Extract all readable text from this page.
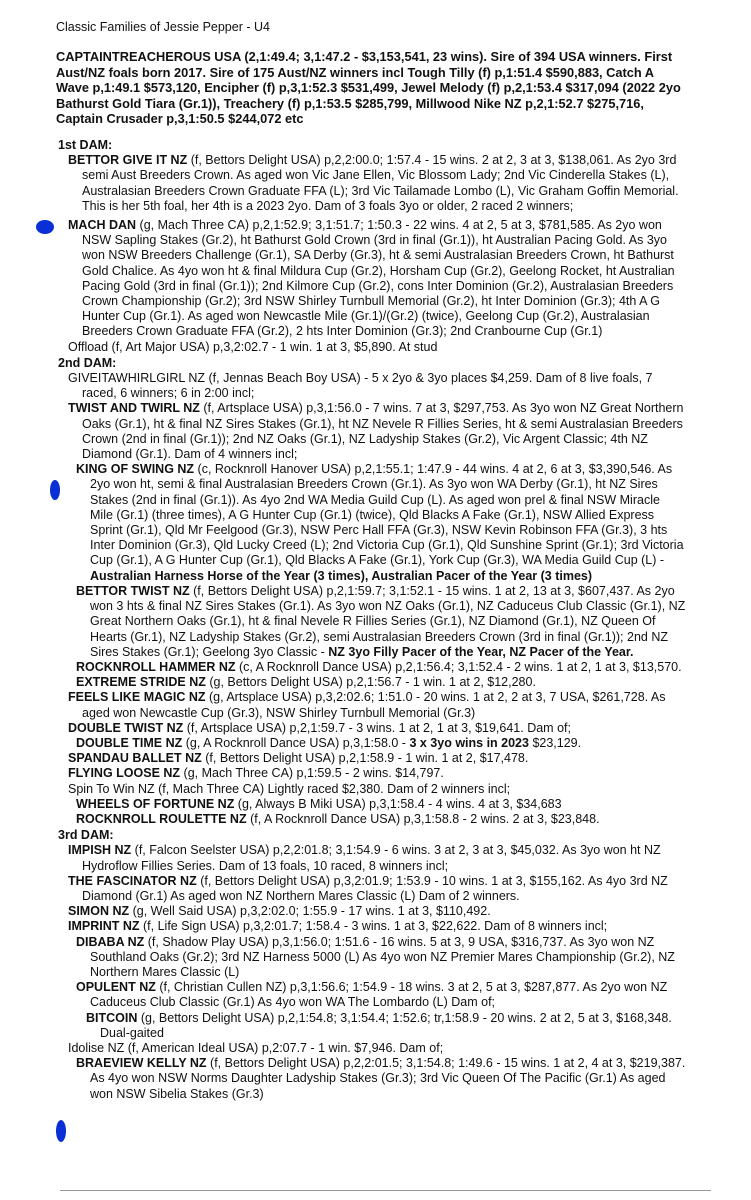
Classic Families of Jessie Pepper - U4
CAPTAINTREACHEROUS USA (2,1:49.4; 3,1:47.2 - $3,153,541, 23 wins). Sire of 394 USA winners. First Aust/NZ foals born 2017. Sire of 175 Aust/NZ winners incl Tough Tilly (f) p,1:51.4 $590,883, Catch A Wave p,1:49.1 $573,120, Encipher (f) p,3,1:52.3 $531,499, Jewel Melody (f) p,2,1:53.4 $317,094 (2022 2yo Bathurst Gold Tiara (Gr.1)), Treachery (f) p,1:53.5 $285,799, Millwood Nike NZ p,2,1:52.7 $275,716, Captain Crusader p,3,1:50.5 $244,072 etc
1st DAM:
BETTOR GIVE IT NZ (f, Bettors Delight USA) p,2,2:00.0; 1:57.4 - 15 wins. 2 at 2, 3 at 3, $138,061. As 2yo 3rd semi Aust Breeders Crown. As aged won Vic Jane Ellen, Vic Blossom Lady; 2nd Vic Cinderella Stakes (L), Australasian Breeders Crown Graduate FFA (L); 3rd Vic Tailamade Lombo (L), Vic Graham Goffin Memorial. This is her 5th foal, her 4th is a 2023 2yo. Dam of 3 foals 3yo or older, 2 raced 2 winners;
MACH DAN (g, Mach Three CA) p,2,1:52.9; 3,1:51.7; 1:50.3 - 22 wins. 4 at 2, 5 at 3, $781,585. As 2yo won NSW Sapling Stakes (Gr.2), ht Bathurst Gold Crown (3rd in final (Gr.1)), ht Australian Pacing Gold. As 3yo won NSW Breeders Challenge (Gr.1), SA Derby (Gr.3), ht & semi Australasian Breeders Crown, ht Bathurst Gold Chalice. As 4yo won ht & final Mildura Cup (Gr.2), Horsham Cup (Gr.2), Geelong Rocket, ht Australian Pacing Gold (3rd in final (Gr.1)); 2nd Kilmore Cup (Gr.2), cons Inter Dominion (Gr.2), Australasian Breeders Crown Championship (Gr.2); 3rd NSW Shirley Turnbull Memorial (Gr.2), ht Inter Dominion (Gr.3); 4th A G Hunter Cup (Gr.1). As aged won Newcastle Mile (Gr.1)/(Gr.2) (twice), Geelong Cup (Gr.2), Australasian Breeders Crown Graduate FFA (Gr.2), 2 hts Inter Dominion (Gr.3); 2nd Cranbourne Cup (Gr.1)
Offload (f, Art Major USA) p,3,2:02.7 - 1 win. 1 at 3, $5,890. At stud
2nd DAM:
GIVEITAWHIRLGIRL NZ (f, Jennas Beach Boy USA) - 5 x 2yo & 3yo places $4,259. Dam of 8 live foals, 7 raced, 6 winners; 6 in 2:00 incl;
TWIST AND TWIRL NZ (f, Artsplace USA) p,3,1:56.0 - 7 wins. 7 at 3, $297,753. As 3yo won NZ Great Northern Oaks (Gr.1), ht & final NZ Sires Stakes (Gr.1), ht NZ Nevele R Fillies Series, ht & semi Australasian Breeders Crown (2nd in final (Gr.1)); 2nd NZ Oaks (Gr.1), NZ Ladyship Stakes (Gr.2), Vic Argent Classic; 4th NZ Diamond (Gr.1). Dam of 4 winners incl;
KING OF SWING NZ (c, Rocknroll Hanover USA) p,2,1:55.1; 1:47.9 - 44 wins. 4 at 2, 6 at 3, $3,390,546. As 2yo won ht, semi & final Australasian Breeders Crown (Gr.1). As 3yo won WA Derby (Gr.1), ht NZ Sires Stakes (2nd in final (Gr.1)). As 4yo 2nd WA Media Guild Cup (L). As aged won prel & final NSW Miracle Mile (Gr.1) (three times), A G Hunter Cup (Gr.1) (twice), Qld Blacks A Fake (Gr.1), NSW Allied Express Sprint (Gr.1), Qld Mr Feelgood (Gr.3), NSW Perc Hall FFA (Gr.3), NSW Kevin Robinson FFA (Gr.3), 3 hts Inter Dominion (Gr.3), Qld Lucky Creed (L); 2nd Victoria Cup (Gr.1), Qld Sunshine Sprint (Gr.1); 3rd Victoria Cup (Gr.1), A G Hunter Cup (Gr.1), Qld Blacks A Fake (Gr.1), York Cup (Gr.3), WA Media Guild Cup (L) - Australian Harness Horse of the Year (3 times), Australian Pacer of the Year (3 times)
BETTOR TWIST NZ (f, Bettors Delight USA) p,2,1:59.7; 3,1:52.1 - 15 wins. 1 at 2, 13 at 3, $607,437. As 2yo won 3 hts & final NZ Sires Stakes (Gr.1). As 3yo won NZ Oaks (Gr.1), NZ Caduceus Club Classic (Gr.1), NZ Great Northern Oaks (Gr.1), ht & final Nevele R Fillies Series (Gr.1), NZ Diamond (Gr.1), NZ Queen Of Hearts (Gr.1), NZ Ladyship Stakes (Gr.2), semi Australasian Breeders Crown (3rd in final (Gr.1)); 2nd NZ Sires Stakes (Gr.1); Geelong 3yo Classic - NZ 3yo Filly Pacer of the Year, NZ Pacer of the Year.
ROCKNROLL HAMMER NZ (c, A Rocknroll Dance USA) p,2,1:56.4; 3,1:52.4 - 2 wins. 1 at 2, 1 at 3, $13,570.
EXTREME STRIDE NZ (g, Bettors Delight USA) p,2,1:56.7 - 1 win. 1 at 2, $12,280.
FEELS LIKE MAGIC NZ (g, Artsplace USA) p,3,2:02.6; 1:51.0 - 20 wins. 1 at 2, 2 at 3, 7 USA, $261,728. As aged won Newcastle Cup (Gr.3), NSW Shirley Turnbull Memorial (Gr.3)
DOUBLE TWIST NZ (f, Artsplace USA) p,2,1:59.7 - 3 wins. 1 at 2, 1 at 3, $19,641. Dam of;
DOUBLE TIME NZ (g, A Rocknroll Dance USA) p,3,1:58.0 - 3 x 3yo wins in 2023 $23,129.
SPANDAU BALLET NZ (f, Bettors Delight USA) p,2,1:58.9 - 1 win. 1 at 2, $17,478.
FLYING LOOSE NZ (g, Mach Three CA) p,1:59.5 - 2 wins. $14,797.
Spin To Win NZ (f, Mach Three CA) Lightly raced $2,380. Dam of 2 winners incl;
WHEELS OF FORTUNE NZ (g, Always B Miki USA) p,3,1:58.4 - 4 wins. 4 at 3, $34,683
ROCKNROLL ROULETTE NZ (f, A Rocknroll Dance USA) p,3,1:58.8 - 2 wins. 2 at 3, $23,848.
3rd DAM:
IMPISH NZ (f, Falcon Seelster USA) p,2,2:01.8; 3,1:54.9 - 6 wins. 3 at 2, 3 at 3, $45,032. As 3yo won ht NZ Hydroflow Fillies Series. Dam of 13 foals, 10 raced, 8 winners incl;
THE FASCINATOR NZ (f, Bettors Delight USA) p,3,2:01.9; 1:53.9 - 10 wins. 1 at 3, $155,162. As 4yo 3rd NZ Diamond (Gr.1) As aged won NZ Northern Mares Classic (L) Dam of 2 winners.
SIMON NZ (g, Well Said USA) p,3,2:02.0; 1:55.9 - 17 wins. 1 at 3, $110,492.
IMPRINT NZ (f, Life Sign USA) p,3,2:01.7; 1:58.4 - 3 wins. 1 at 3, $22,622. Dam of 8 winners incl;
DIBABA NZ (f, Shadow Play USA) p,3,1:56.0; 1:51.6 - 16 wins. 5 at 3, 9 USA, $316,737. As 3yo won NZ Southland Oaks (Gr.2); 3rd NZ Harness 5000 (L) As 4yo won NZ Premier Mares Championship (Gr.2), NZ Northern Mares Classic (L)
OPULENT NZ (f, Christian Cullen NZ) p,3,1:56.6; 1:54.9 - 18 wins. 3 at 2, 5 at 3, $287,877. As 2yo won NZ Caduceus Club Classic (Gr.1) As 4yo won WA The Lombardo (L) Dam of;
BITCOIN (g, Bettors Delight USA) p,2,1:54.8; 3,1:54.4; 1:52.6; tr,1:58.9 - 20 wins. 2 at 2, 5 at 3, $168,348. Dual-gaited
Idolise NZ (f, American Ideal USA) p,2:07.7 - 1 win. $7,946. Dam of;
BRAEVIEW KELLY NZ (f, Bettors Delight USA) p,2,2:01.5; 3,1:54.8; 1:49.6 - 15 wins. 1 at 2, 4 at 3, $219,387. As 4yo won NSW Norms Daughter Ladyship Stakes (Gr.3); 3rd Vic Queen Of The Pacific (Gr.1) As aged won NSW Sibelia Stakes (Gr.3)
